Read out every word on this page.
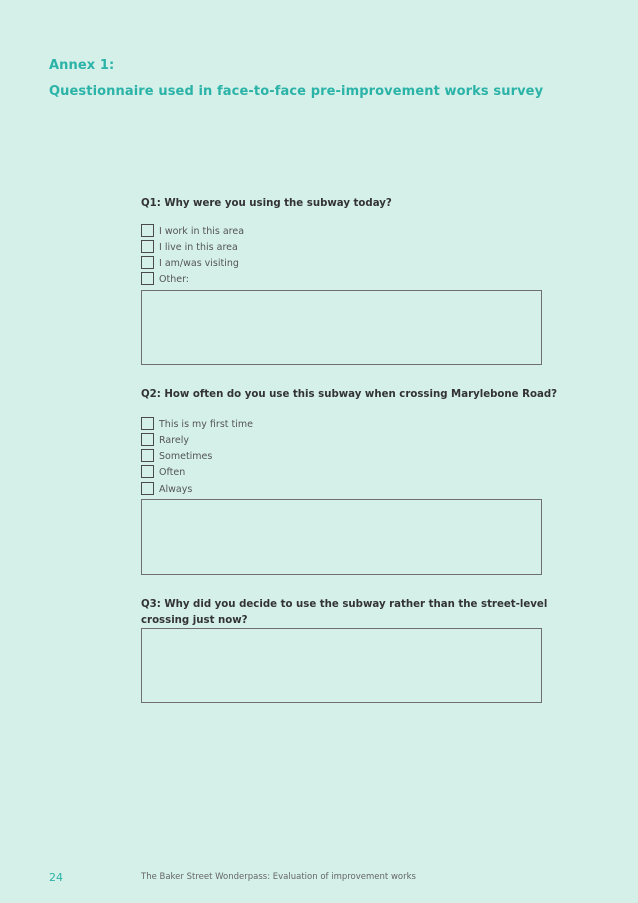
Annex 1:
Questionnaire used in face-to-face pre-improvement works survey
Q1: Why were you using the subway today?
I work in this area
I live in this area
I am/was visiting
Other:
Q2: How often do you use this subway when crossing Marylebone Road?
This is my first time
Rarely
Sometimes
Often
Always
Q3: Why did you decide to use the subway rather than the street-level crossing just now?
24	The Baker Street Wonderpass: Evaluation of improvement works
